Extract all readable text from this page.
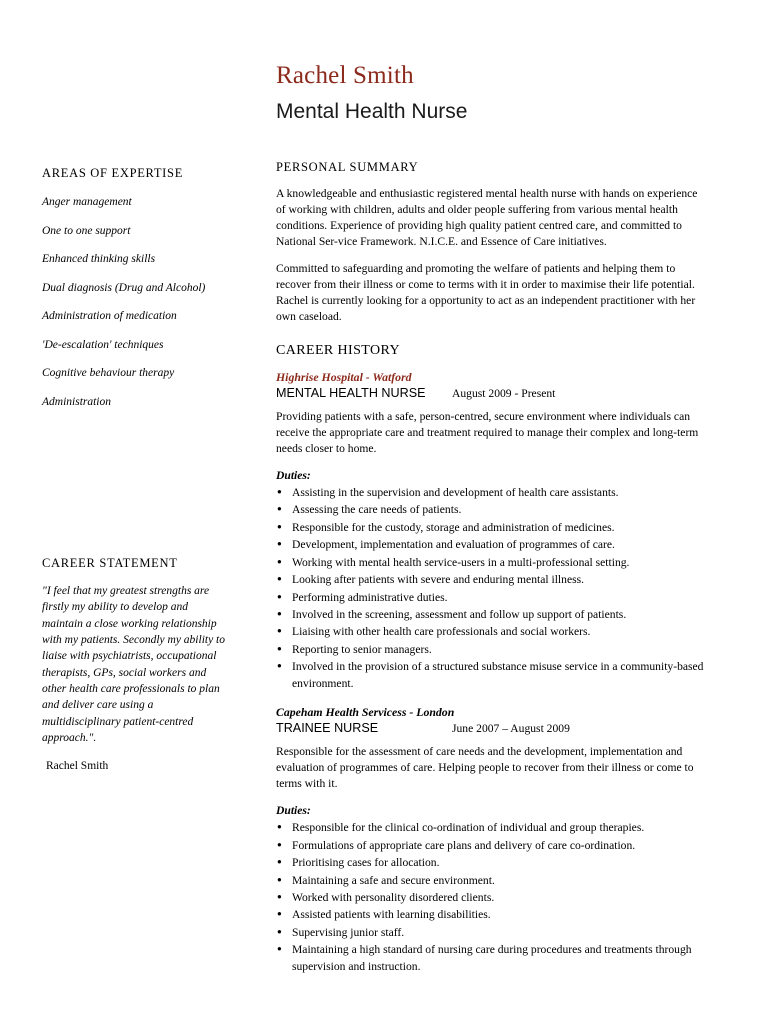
Rachel Smith
Mental Health Nurse
AREAS OF EXPERTISE
Anger management
One to one support
Enhanced thinking skills
Dual diagnosis (Drug and Alcohol)
Administration of medication
'De-escalation' techniques
Cognitive behaviour therapy
Administration
CAREER STATEMENT

"I feel that my greatest strengths are firstly my ability to develop and maintain a close working relationship with my patients. Secondly my ability to liaise with psychiatrists, occupational therapists, GPs, social workers and other health care professionals to plan and deliver care using a multidisciplinary patient-centred approach.".

Rachel Smith
PERSONAL SUMMARY

A knowledgeable and enthusiastic registered mental health nurse with hands on experience of working with children, adults and older people suffering from various mental health conditions. Experience of providing high quality patient centred care, and committed to National Ser-vice Framework. N.I.C.E. and Essence of Care initiatives.

Committed to safeguarding and promoting the welfare of patients and helping them to recover from their illness or come to terms with it in order to maximise their life potential. Rachel is currently looking for a opportunity to act as an independent practitioner with her own caseload.

CAREER HISTORY
Highrise Hospital - Watford
MENTAL HEALTH NURSE	August 2009 - Present

Providing patients with a safe, person-centred, secure environment where individuals can receive the appropriate care and treatment required to manage their complex and long-term needs closer to home.

Duties:
● Assisting in the supervision and development of health care assistants.
● Assessing the care needs of patients.
● Responsible for the custody, storage and administration of medicines.
● Development, implementation and evaluation of programmes of care.
● Working with mental health service-users in a multi-professional setting.
● Looking after patients with severe and enduring mental illness.
● Performing administrative duties.
● Involved in the screening, assessment and follow up support of patients.
● Liaising with other health care professionals and social workers.
● Reporting to senior managers.
● Involved in the provision of a structured substance misuse service in a community-based environment.
Capeham Health Servicess - London
TRAINEE NURSE	June 2007 – August 2009

Responsible for the assessment of care needs and the development, implementation and evaluation of programmes of care. Helping people to recover from their illness or come to terms with it.

Duties:
● Responsible for the clinical co-ordination of individual and group therapies.
● Formulations of appropriate care plans and delivery of care co-ordination.
● Prioritising cases for allocation.
● Maintaining a safe and secure environment.
● Worked with personality disordered clients.
● Assisted patients with learning disabilities.
● Supervising junior staff.
● Maintaining a high standard of nursing care during procedures and treatments through supervision and instruction.
